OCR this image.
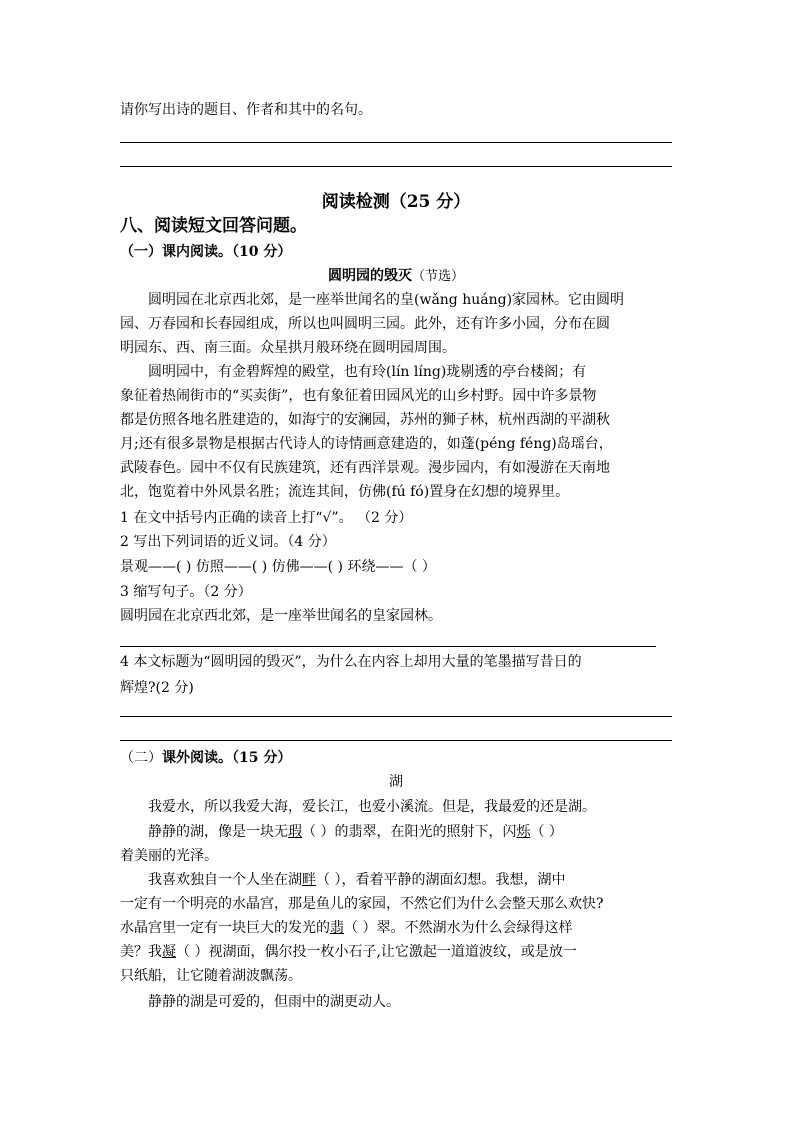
请你写出诗的题目、作者和其中的名句。
阅读检测（25 分）
八、阅读短文回答问题。
（一）课内阅读。（10 分）
圆明园的毁灭（节选）
圆明园在北京西北郊，是一座举世闻名的皇(wǎng huáng)家园林。它由圆明
园、万春园和长春园组成，所以也叫圆明三园。此外，还有许多小园，分布在圆
明园东、西、南三面。众星拱月般环绕在圆明园周围。
圆明园中，有金碧辉煌的殿堂，也有玲(lín líng)珑剔透的亭台楼阁；有
象征着热闹街市的“买卖街”，也有象征着田园风光的山乡村野。园中许多景物
都是仿照各地名胜建造的，如海宁的安澜园，苏州的狮子林，杭州西湖的平湖秋
月;还有很多景物是根据古代诗人的诗情画意建造的，如蓬(péng féng)岛瑶台，
武陵春色。园中不仅有民族建筑，还有西洋景观。漫步园内，有如漫游在天南地
北，饱览着中外风景名胜；流连其间，仿佛(fú fó)置身在幻想的境界里。
1 在文中括号内正确的读音上打“√”。 （2 分）
2 写出下列词语的近义词。（4 分）
景观——( ) 仿照——( ) 仿佛——( ) 环绕——（ ）
3 缩写句子。（2 分）
圆明园在北京西北郊，是一座举世闻名的皇家园林。
4 本文标题为“圆明园的毁灭”，为什么在内容上却用大量的笔墨描写昔日的
辉煌?(2 分)
（二）课外阅读。（15 分）
湖
我爱水，所以我爱大海，爱长江，也爱小溪流。但是，我最爱的还是湖。
静静的湖，像是一块无瑕（ ）的翡翠，在阳光的照射下，闪烁（ ）
着美丽的光泽。
我喜欢独自一个人坐在湖畔（ ），看着平静的湖面幻想。我想，湖中
一定有一个明亮的水晶宫，那是鱼儿的家园，不然它们为什么会整天那么欢快?
水晶宫里一定有一块巨大的发光的翡（ ）翠。不然湖水为什么会绿得这样
美？我凝（ ）视湖面，偶尔投一枚小石子,让它激起一道道波纹，或是放一
只纸船，让它随着湖波飘荡。
静静的湖是可爱的，但雨中的湖更动人。
